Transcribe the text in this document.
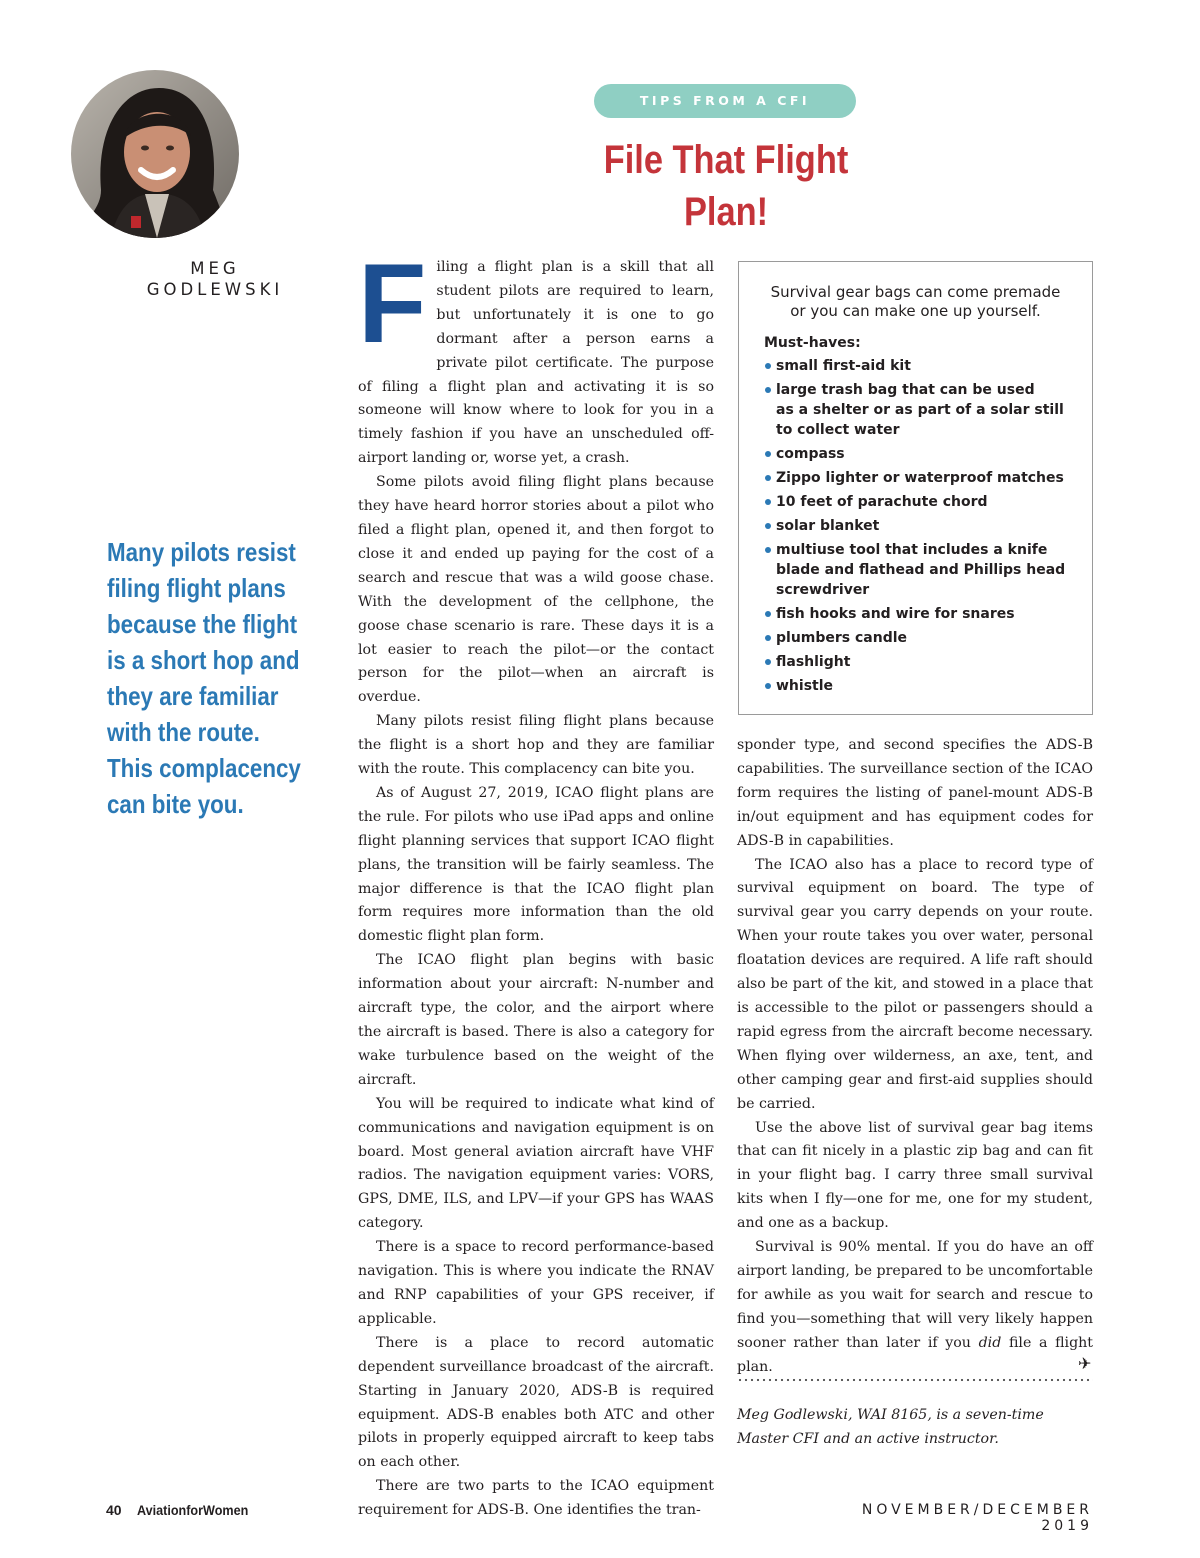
MEG
GODLEWSKI
TIPS FROM A CFI
File That Flight Plan!
Many pilots resist
filing flight plans
because the flight
is a short hop and
they are familiar
with the route.
This complacency
can bite you.

Filing a flight plan is a skill that all student pilots are required to learn, but unfortunately it is one to go dormant after a person earns a private pilot certificate. The purpose of filing a flight plan and activating it is so someone will know where to look for you in a timely fashion if you have an unscheduled off-airport landing or, worse yet, a crash.

Some pilots avoid filing flight plans because they have heard horror stories about a pilot who filed a flight plan, opened it, and then forgot to close it and ended up paying for the cost of a search and rescue that was a wild goose chase. With the development of the cellphone, the goose chase scenario is rare. These days it is a lot easier to reach the pilot—or the contact person for the pilot—when an aircraft is overdue.

Many pilots resist filing flight plans because the flight is a short hop and they are familiar with the route. This complacency can bite you.

As of August 27, 2019, ICAO flight plans are the rule. For pilots who use iPad apps and online flight planning services that support ICAO flight plans, the transition will be fairly seamless. The major difference is that the ICAO flight plan form requires more information than the old domestic flight plan form.

The ICAO flight plan begins with basic information about your aircraft: N-number and aircraft type, the color, and the airport where the aircraft is based. There is also a category for wake turbulence based on the weight of the aircraft.

You will be required to indicate what kind of communications and navigation equipment is on board. Most general aviation aircraft have VHF radios. The navigation equipment varies: VORS, GPS, DME, ILS, and LPV—if your GPS has WAAS category.

There is a space to record performance-based navigation. This is where you indicate the RNAV and RNP capabilities of your GPS receiver, if applicable.

There is a place to record automatic dependent surveillance broadcast of the aircraft. Starting in January 2020, ADS-B is required equipment. ADS-B enables both ATC and other pilots in properly equipped aircraft to keep tabs on each other.

There are two parts to the ICAO equipment requirement for ADS-B. One identifies the tran-

Survival gear bags can come premade
or you can make one up yourself.
Must-haves:
small first-aid kit
large trash bag that can be used
as a shelter or as part of a solar still
to collect water
compass
Zippo lighter or waterproof matches
10 feet of parachute chord
solar blanket
multiuse tool that includes a knife
blade and flathead and Phillips head
screwdriver
fish hooks and wire for snares
plumbers candle
flashlight
whistle

sponder type, and second specifies the ADS-B capabilities. The surveillance section of the ICAO form requires the listing of panel-mount ADS-B in/out equipment and has equipment codes for ADS-B in capabilities.

The ICAO also has a place to record type of survival equipment on board. The type of survival gear you carry depends on your route. When your route takes you over water, personal floatation devices are required. A life raft should also be part of the kit, and stowed in a place that is accessible to the pilot or passengers should a rapid egress from the aircraft become necessary. When flying over wilderness, an axe, tent, and other camping gear and first-aid supplies should be carried.

Use the above list of survival gear bag items that can fit nicely in a plastic zip bag and can fit in your flight bag. I carry three small survival kits when I fly—one for me, one for my student, and one as a backup.

Survival is 90% mental. If you do have an off airport landing, be prepared to be uncomfortable for awhile as you wait for search and rescue to find you—something that will very likely happen sooner rather than later if you did file a flight plan.	✈

Meg Godlewski, WAI 8165, is a seven-time Master CFI and an active instructor.

40 AviationforWomen	NOVEMBER/DECEMBER 2019
